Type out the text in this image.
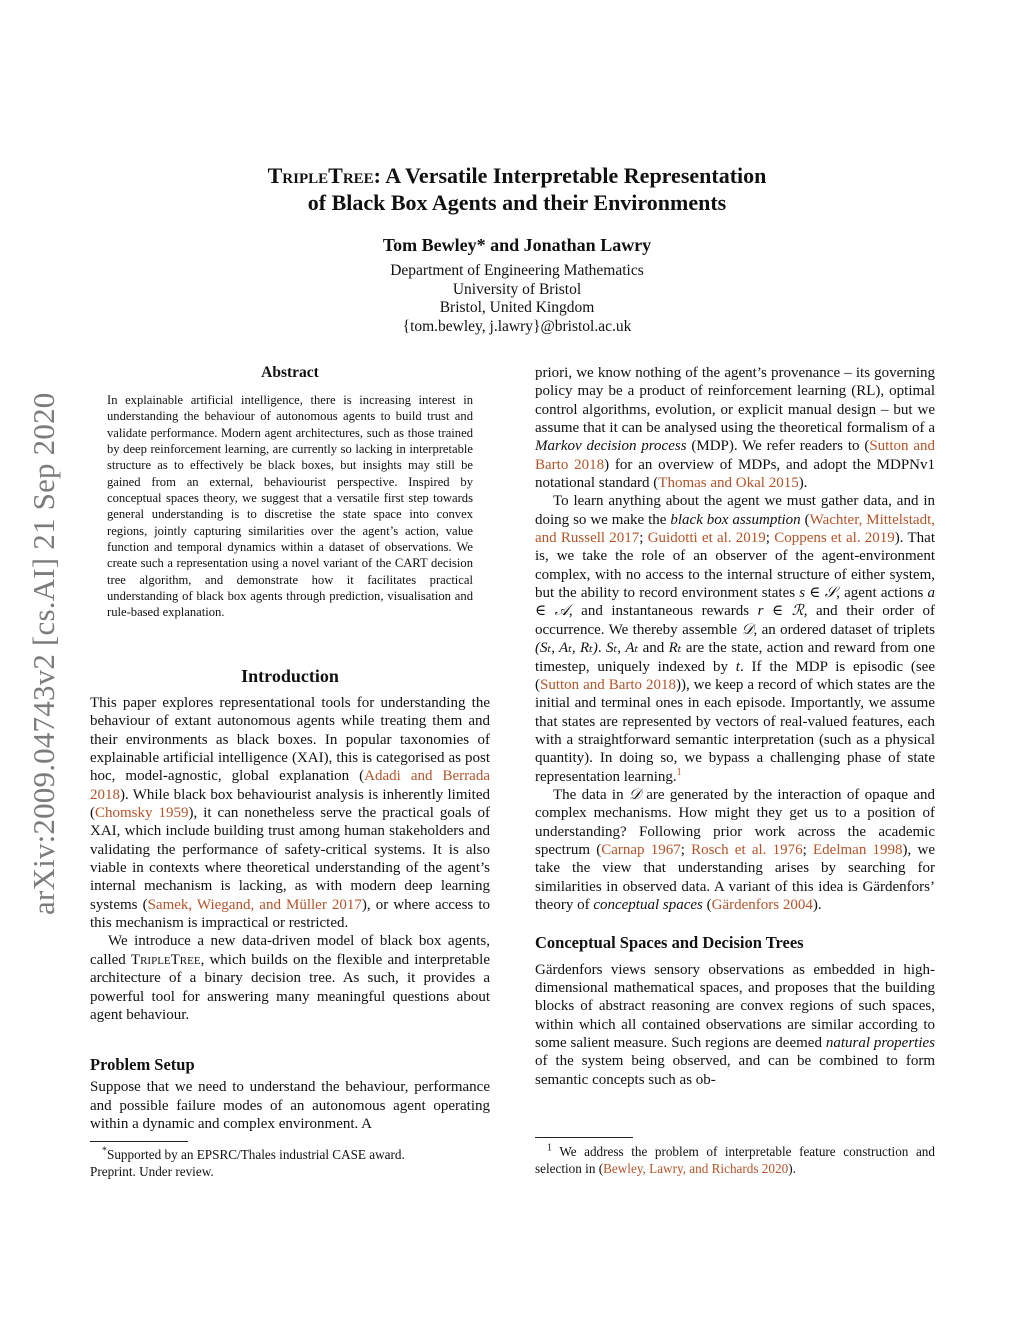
arXiv:2009.04743v2 [cs.AI] 21 Sep 2020
TripleTree: A Versatile Interpretable Representation
of Black Box Agents and their Environments
Tom Bewley* and Jonathan Lawry
Department of Engineering Mathematics
University of Bristol
Bristol, United Kingdom
{tom.bewley, j.lawry}@bristol.ac.uk
Abstract
In explainable artificial intelligence, there is increasing interest in understanding the behaviour of autonomous agents to build trust and validate performance. Modern agent architectures, such as those trained by deep reinforcement learning, are currently so lacking in interpretable structure as to effectively be black boxes, but insights may still be gained from an external, behaviourist perspective. Inspired by conceptual spaces theory, we suggest that a versatile first step towards general understanding is to discretise the state space into convex regions, jointly capturing similarities over the agent’s action, value function and temporal dynamics within a dataset of observations. We create such a representation using a novel variant of the CART decision tree algorithm, and demonstrate how it facilitates practical understanding of black box agents through prediction, visualisation and rule-based explanation.
Introduction

This paper explores representational tools for understanding the behaviour of extant autonomous agents while treating them and their environments as black boxes. In popular taxonomies of explainable artificial intelligence (XAI), this is categorised as post hoc, model-agnostic, global explanation (Adadi and Berrada 2018). While black box behaviourist analysis is inherently limited (Chomsky 1959), it can nonetheless serve the practical goals of XAI, which include building trust among human stakeholders and validating the performance of safety-critical systems. It is also viable in contexts where theoretical understanding of the agent’s internal mechanism is lacking, as with modern deep learning systems (Samek, Wiegand, and Müller 2017), or where access to this mechanism is impractical or restricted.

We introduce a new data-driven model of black box agents, called TripleTree, which builds on the flexible and interpretable architecture of a binary decision tree. As such, it provides a powerful tool for answering many meaningful questions about agent behaviour.

Problem Setup

Suppose that we need to understand the behaviour, performance and possible failure modes of an autonomous agent operating within a dynamic and complex environment. A

*Supported by an EPSRC/Thales industrial CASE award.
Preprint. Under review.

priori, we know nothing of the agent’s provenance – its governing policy may be a product of reinforcement learning (RL), optimal control algorithms, evolution, or explicit manual design – but we assume that it can be analysed using the theoretical formalism of a Markov decision process (MDP). We refer readers to (Sutton and Barto 2018) for an overview of MDPs, and adopt the MDPNv1 notational standard (Thomas and Okal 2015).

To learn anything about the agent we must gather data, and in doing so we make the black box assumption (Wachter, Mittelstadt, and Russell 2017; Guidotti et al. 2019; Coppens et al. 2019). That is, we take the role of an observer of the agent-environment complex, with no access to the internal structure of either system, but the ability to record environment states s ∈ 𝒮, agent actions a ∈ 𝒜, and instantaneous rewards r ∈ ℛ, and their order of occurrence. We thereby assemble 𝒟, an ordered dataset of triplets (Sₜ, Aₜ, Rₜ). Sₜ, Aₜ and Rₜ are the state, action and reward from one timestep, uniquely indexed by t. If the MDP is episodic (see (Sutton and Barto 2018)), we keep a record of which states are the initial and terminal ones in each episode. Importantly, we assume that states are represented by vectors of real-valued features, each with a straightforward semantic interpretation (such as a physical quantity). In doing so, we bypass a challenging phase of state representation learning.$^1$

The data in 𝒟 are generated by the interaction of opaque and complex mechanisms. How might they get us to a position of understanding? Following prior work across the academic spectrum (Carnap 1967; Rosch et al. 1976; Edelman 1998), we take the view that understanding arises by searching for similarities in observed data. A variant of this idea is Gärdenfors’ theory of conceptual spaces (Gärdenfors 2004).

Conceptual Spaces and Decision Trees

Gärdenfors views sensory observations as embedded in high-dimensional mathematical spaces, and proposes that the building blocks of abstract reasoning are convex regions of such spaces, within which all contained observations are similar according to some salient measure. Such regions are deemed natural properties of the system being observed, and can be combined to form semantic concepts such as ob-

$^1$ We address the problem of interpretable feature construction and selection in (Bewley, Lawry, and Richards 2020).
